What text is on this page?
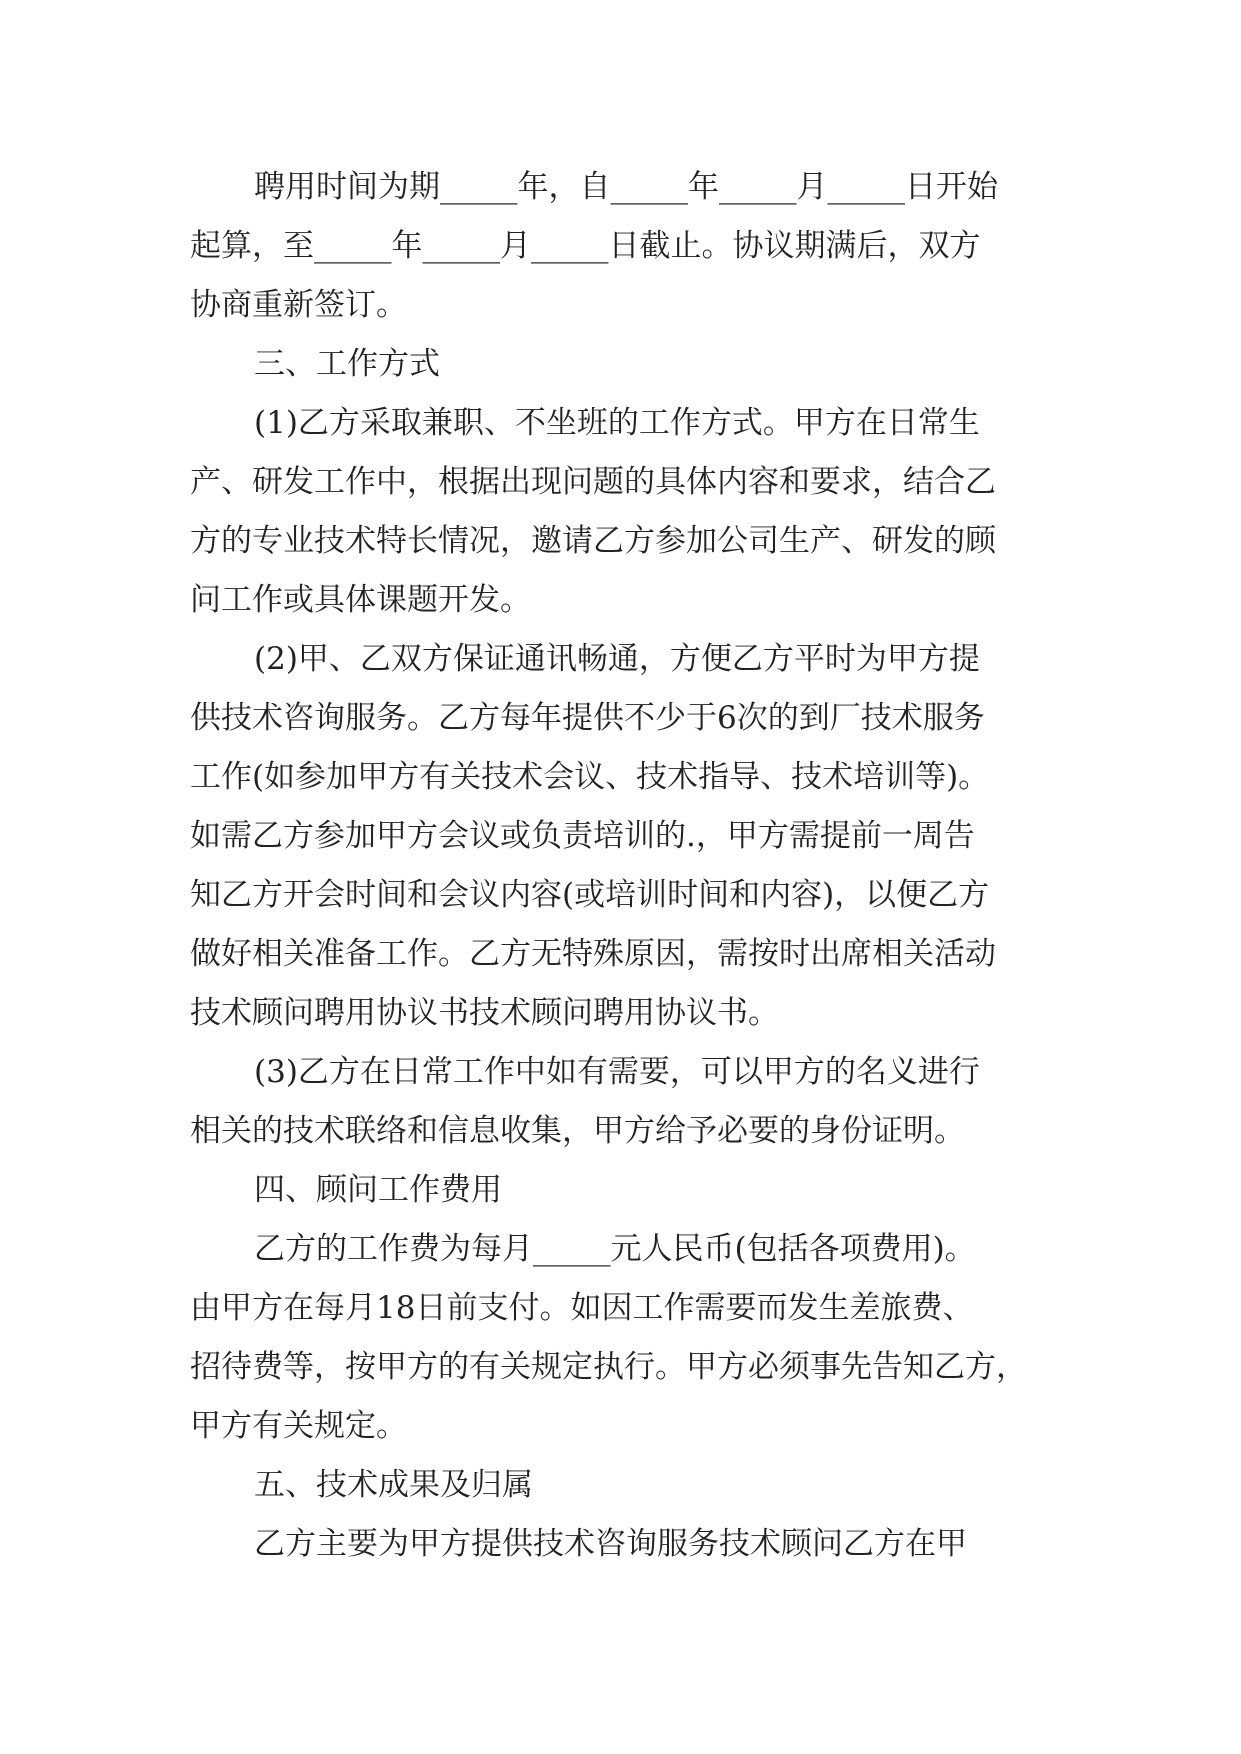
聘用时间为期_____年，自_____年_____月_____日开始
起算，至_____年_____月_____日截止。协议期满后，双方
协商重新签订。

三、工作方式

(1)乙方采取兼职、不坐班的工作方式。甲方在日常生
产、研发工作中，根据出现问题的具体内容和要求，结合乙
方的专业技术特长情况，邀请乙方参加公司生产、研发的顾
问工作或具体课题开发。

(2)甲、乙双方保证通讯畅通，方便乙方平时为甲方提
供技术咨询服务。乙方每年提供不少于6次的到厂技术服务
工作(如参加甲方有关技术会议、技术指导、技术培训等)。
如需乙方参加甲方会议或负责培训的.，甲方需提前一周告
知乙方开会时间和会议内容(或培训时间和内容)，以便乙方
做好相关准备工作。乙方无特殊原因，需按时出席相关活动
技术顾问聘用协议书技术顾问聘用协议书。

(3)乙方在日常工作中如有需要，可以甲方的名义进行
相关的技术联络和信息收集，甲方给予必要的身份证明。

四、顾问工作费用

乙方的工作费为每月_____元人民币(包括各项费用)。
由甲方在每月18日前支付。如因工作需要而发生差旅费、
招待费等，按甲方的有关规定执行。甲方必须事先告知乙方，
甲方有关规定。

五、技术成果及归属

乙方主要为甲方提供技术咨询服务技术顾问乙方在甲
